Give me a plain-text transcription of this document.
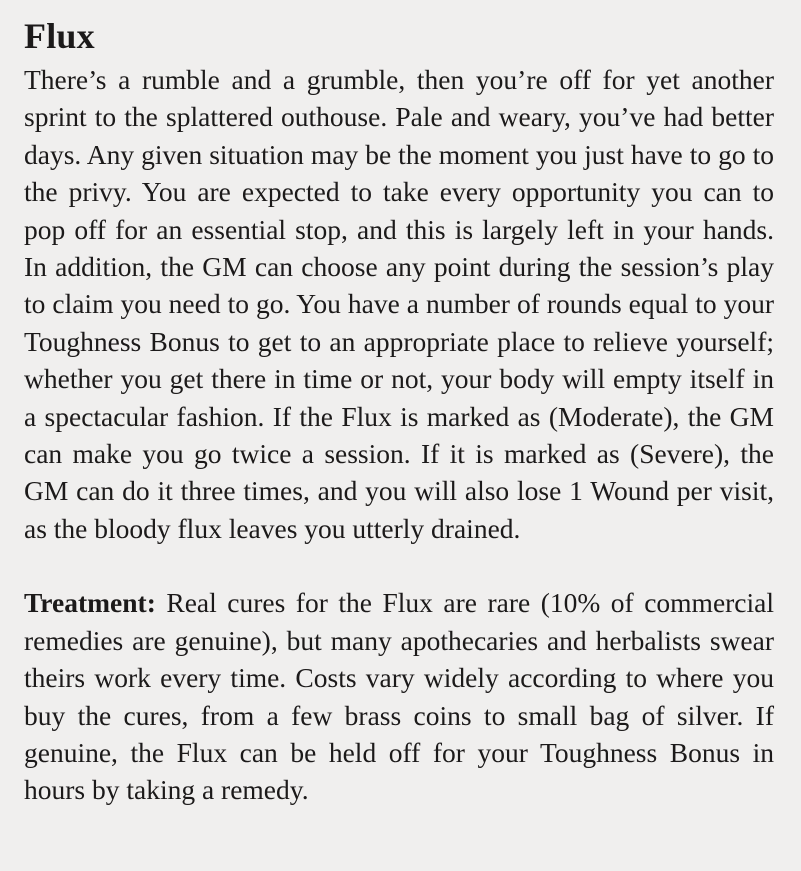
Flux

There’s a rumble and a grumble, then you’re off for yet another sprint to the splattered outhouse. Pale and weary, you’ve had better days. Any given situation may be the moment you just have to go to the privy. You are expected to take every opportunity you can to pop off for an essential stop, and this is largely left in your hands. In addition, the GM can choose any point during the session’s play to claim you need to go. You have a number of rounds equal to your Toughness Bonus to get to an appropriate place to relieve yourself; whether you get there in time or not, your body will empty itself in a spectacular fashion. If the Flux is marked as (Moderate), the GM can make you go twice a session. If it is marked as (Severe), the GM can do it three times, and you will also lose 1 Wound per visit, as the bloody flux leaves you utterly drained.

Treatment: Real cures for the Flux are rare (10% of commercial remedies are genuine), but many apothecaries and herbalists swear theirs work every time. Costs vary widely according to where you buy the cures, from a few brass coins to small bag of silver. If genuine, the Flux can be held off for your Toughness Bonus in hours by taking a remedy.
